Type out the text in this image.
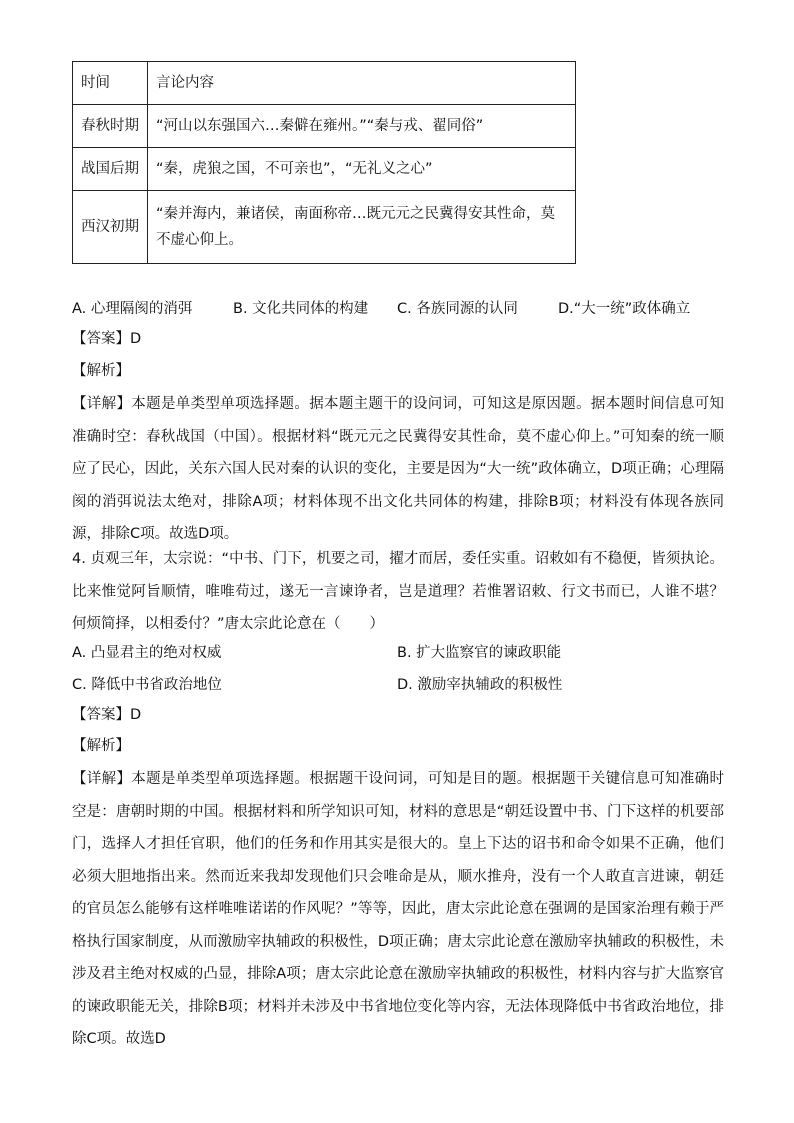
时间	言论内容
春秋时期	“河山以东强国六…秦僻在雍州。”“秦与戎、翟同俗”
战国后期	“秦，虎狼之国，不可亲也”，“无礼义之心”
西汉初期	“秦并海内，兼诸侯，南面称帝…既元元之民冀得安其性命，莫不虚心仰上。
A. 心理隔阂的消弭	B. 文化共同体的构建 C. 各族同源的认同	D.“大一统”政体确立
【答案】D
【解析】
【详解】本题是单类型单项选择题。据本题主题干的设问词，可知这是原因题。据本题时间信息可知准确时空：春秋战国（中国）。根据材料“既元元之民冀得安其性命，莫不虚心仰上。”可知秦的统一顺应了民心，因此，关东六国人民对秦的认识的变化，主要是因为“大一统”政体确立，D项正确；心理隔阂的消弭说法太绝对，排除A项；材料体现不出文化共同体的构建，排除B项；材料没有体现各族同源，排除C项。故选D项。
4. 贞观三年，太宗说：“中书、门下，机要之司，擢才而居，委任实重。诏敕如有不稳便，皆须执论。比来惟觉阿旨顺情，唯唯苟过，遂无一言谏诤者，岂是道理？若惟署诏敕、行文书而已，人谁不堪？何烦简择，以相委付？”唐太宗此论意在（　　）
A. 凸显君主的绝对权威	B. 扩大监察官的谏政职能
C. 降低中书省政治地位	D. 激励宰执辅政的积极性
【答案】D
【解析】
【详解】本题是单类型单项选择题。根据题干设问词，可知是目的题。根据题干关键信息可知准确时空是：唐朝时期的中国。根据材料和所学知识可知，材料的意思是“朝廷设置中书、门下这样的机要部门，选择人才担任官职，他们的任务和作用其实是很大的。皇上下达的诏书和命令如果不正确，他们必须大胆地指出来。然而近来我却发现他们只会唯命是从，顺水推舟，没有一个人敢直言进谏，朝廷的官员怎么能够有这样唯唯诺诺的作风呢？”等等，因此，唐太宗此论意在强调的是国家治理有赖于严格执行国家制度，从而激励宰执辅政的积极性，D项正确；唐太宗此论意在激励宰执辅政的积极性，未涉及君主绝对权威的凸显，排除A项；唐太宗此论意在激励宰执辅政的积极性，材料内容与扩大监察官的谏政职能无关，排除B项；材料并未涉及中书省地位变化等内容，无法体现降低中书省政治地位，排除C项。故选D
